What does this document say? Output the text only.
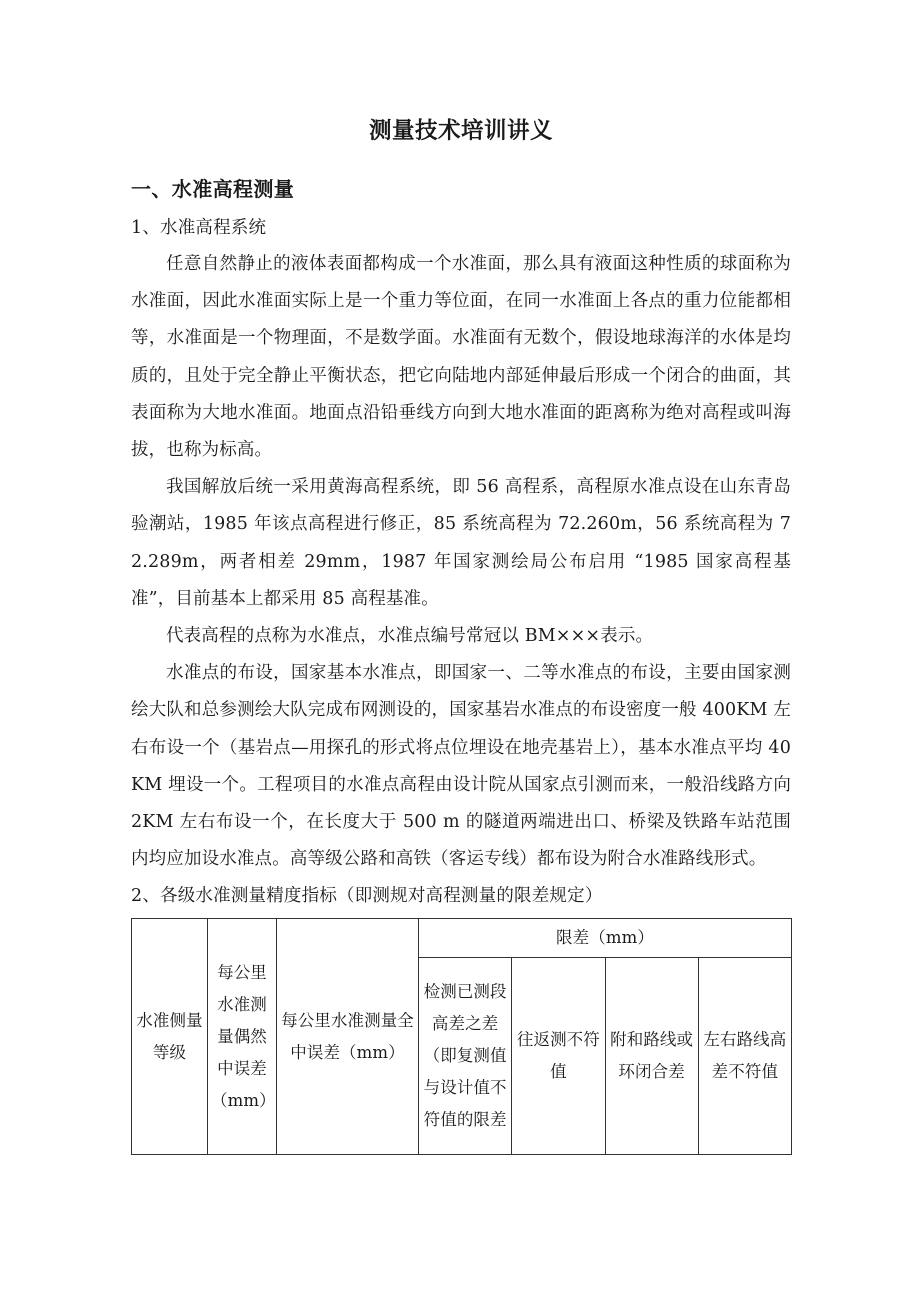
测量技术培训讲义
一、水准高程测量

1、水准高程系统

任意自然静止的液体表面都构成一个水准面，那么具有液面这种性质的球面称为水准面，因此水准面实际上是一个重力等位面，在同一水准面上各点的重力位能都相等，水准面是一个物理面，不是数学面。水准面有无数个，假设地球海洋的水体是均质的，且处于完全静止平衡状态，把它向陆地内部延伸最后形成一个闭合的曲面，其表面称为大地水准面。地面点沿铅垂线方向到大地水准面的距离称为绝对高程或叫海拔，也称为标高。

我国解放后统一采用黄海高程系统，即 56 高程系，高程原水准点设在山东青岛验潮站，1985 年该点高程进行修正，85 系统高程为 72.260m，56 系统高程为 72.289m，两者相差 29mm，1987 年国家测绘局公布启用 “1985 国家高程基准”，目前基本上都采用 85 高程基准。

代表高程的点称为水准点，水准点编号常冠以 BM×××表示。

水准点的布设，国家基本水准点，即国家一、二等水准点的布设，主要由国家测绘大队和总参测绘大队完成布网测设的，国家基岩水准点的布设密度一般 400KM 左右布设一个（基岩点—用探孔的形式将点位埋设在地壳基岩上），基本水准点平均 40KM 埋设一个。工程项目的水准点高程由设计院从国家点引测而来，一般沿线路方向 2KM 左右布设一个，在长度大于 500 m 的隧道两端进出口、桥梁及铁路车站范围内均应加设水准点。高等级公路和高铁（客运专线）都布设为附合水准路线形式。

2、各级水准测量精度指标（即测规对高程测量的限差规定）

水准侧量等级	每公里水准测量偶然中误差（mm）	每公里水准测量全中误差（mm）	限差（mm）			
			检测已测段高差之差（即复测值与设计值不符值的限差	往返测不符值	附和路线或环闭合差	左右路线高差不符值
